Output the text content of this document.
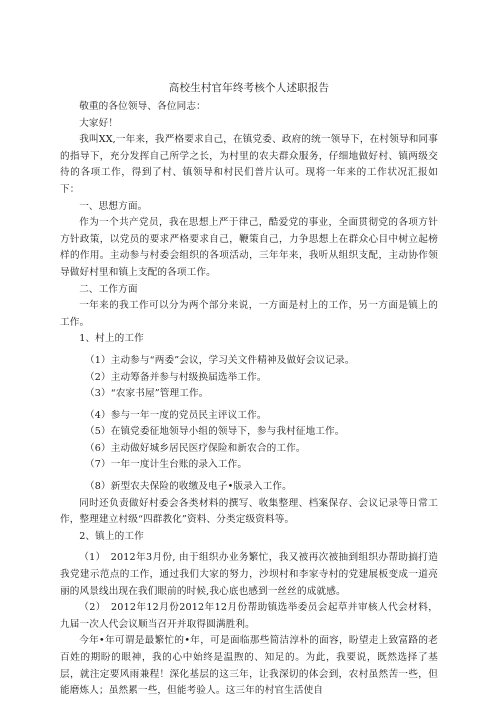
高校生村官年终考核个人述职报告

敬重的各位领导、各位同志：

大家好！

我叫XX,一年来，我严格要求自己，在镇党委、政府的统一领导下，在村领导和同事的指导下，充分发挥自己所学之长，为村里的农夫群众服务，仔细地做好村、镇两级交待的各项工作，得到了村、镇领导和村民们普片认可。现将一年来的工作状况汇报如下：

一、思想方面。

作为一个共产党员，我在思想上严于律己，酷爱党的事业，全面贯彻党的各项方针方针政策，以党员的要求严格要求自己，鞭策自己，力争思想上在群众心目中树立起榜样的作用。主动参与村委会组织的各项活动，三年年来，我听从组织支配，主动协作领导做好村里和镇上支配的各项工作。

二、工作方面

一年来的我工作可以分为两个部分来说，一方面是村上的工作，另一方面是镇上的工作。

1、村上的工作

（1）主动参与“两委”会议，学习关文件精神及做好会议记录。

（2）主动筹备并参与村级换届选举工作。

（3）“农家书屋”管理工作。

（4）参与一年一度的党员民主评议工作。

（5）在镇党委征地领导小组的领导下，参与我村征地工作。

（6）主动做好城乡居民医疗保险和新农合的工作。

（7）一年一度计生台账的录入工作。

（8）新型农夫保险的收缴及电子•版录入工作。

同时还负责做好村委会各类材料的撰写、收集整理、档案保存、会议记录等日常工作，整理建立村级“四群教化”资料、分类定级资料等。

2、镇上的工作

（1）　2012年3月份, 由于组织办业务繁忙，我又被再次被抽到组织办帮助搞打造我党建示范点的工作，通过我们大家的努力，沙坝村和李家寺村的党建展板变成一道亮丽的风景线出现在我们眼前的时候,我心底也感到一丝丝的成就感。

（2）　2012年12月份2012年12月份帮助镇选举委员会起草并审核人代会材料，九届一次人代会议顺当召开并取得圆满胜利。

今年•年可谓是最繁忙的•年，可是面临那些简洁淳朴的面容，盼望走上致富路的老百姓的期盼的眼神，我的心中始终是温煦的、知足的。为此，我要说，既然选择了基层，就注定要风雨兼程！深化基层的这三年，让我深切的体会到，农村虽然苦一些，但能磨炼人；虽然累一些，但能考验人。这三年的村官生活使自
